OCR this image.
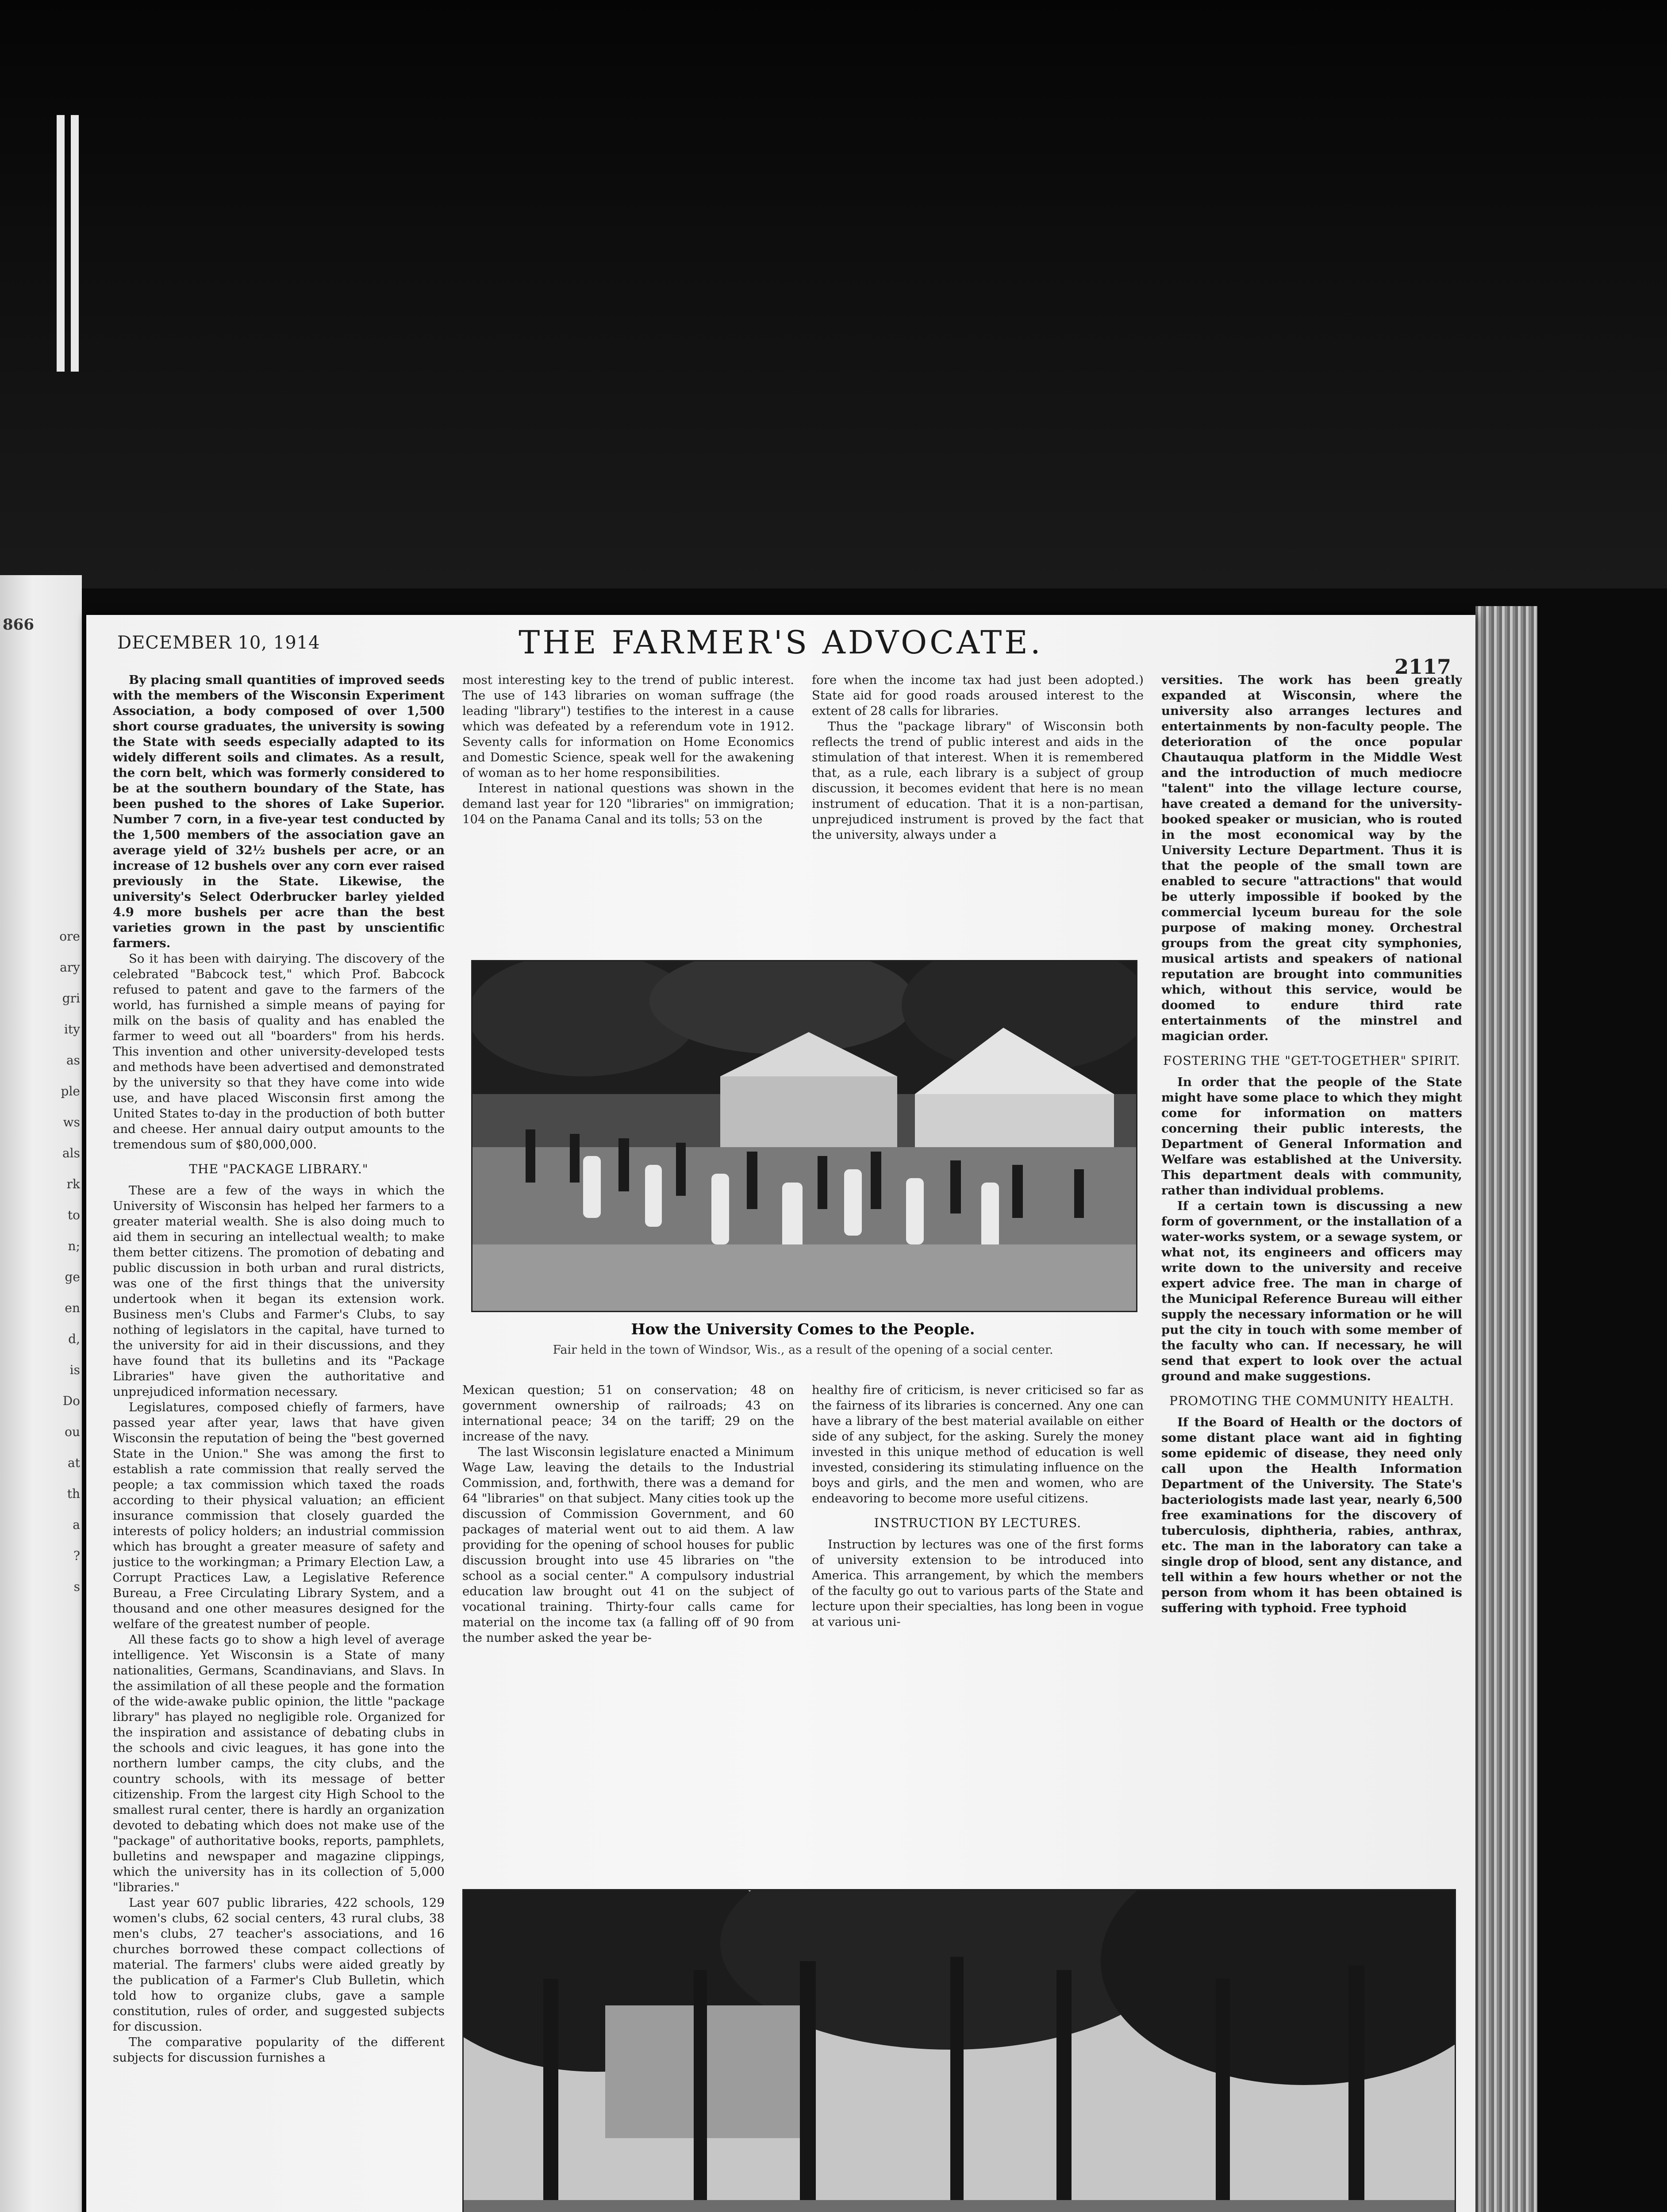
866
ore
ary
gri
ity
as
ple
ws
als
rk
to
n;
ge
en
d,
is
Do
ou
at
th
a
?
s
DECEMBER 10, 1914	THE FARMER'S ADVOCATE.
2117

By placing small quantities of improved seeds with the members of the Wisconsin Experiment Association, a body composed of over 1,500 short course graduates, the university is sowing the State with seeds especially adapted to its widely different soils and climates. As a result, the corn belt, which was formerly considered to be at the southern boundary of the State, has been pushed to the shores of Lake Superior. Number 7 corn, in a five-year test conducted by the 1,500 members of the association gave an average yield of 32½ bushels per acre, or an increase of 12 bushels over any corn ever raised previously in the State. Likewise, the university's Select Oderbrucker barley yielded 4.9 more bushels per acre than the best varieties grown in the past by unscientific farmers.

So it has been with dairying. The discovery of the celebrated "Babcock test," which Prof. Babcock refused to patent and gave to the farmers of the world, has furnished a simple means of paying for milk on the basis of quality and has enabled the farmer to weed out all "boarders" from his herds. This invention and other university-developed tests and methods have been advertised and demonstrated by the university so that they have come into wide use, and have placed Wisconsin first among the United States to-day in the production of both butter and cheese. Her annual dairy output amounts to the tremendous sum of $80,000,000.

THE "PACKAGE LIBRARY."

These are a few of the ways in which the University of Wisconsin has helped her farmers to a greater material wealth. She is also doing much to aid them in securing an intellectual wealth; to make them better citizens. The promotion of debating and public discussion in both urban and rural districts, was one of the first things that the university undertook when it began its extension work. Business men's Clubs and Farmer's Clubs, to say nothing of legislators in the capital, have turned to the university for aid in their discussions, and they have found that its bulletins and its "Package Libraries" have given the authoritative and unprejudiced information necessary.

Legislatures, composed chiefly of farmers, have passed year after year, laws that have given Wisconsin the reputation of being the "best governed State in the Union." She was among the first to establish a rate commission that really served the people; a tax commission which taxed the roads according to their physical valuation; an efficient insurance commission that closely guarded the interests of policy holders; an industrial commission which has brought a greater measure of safety and justice to the workingman; a Primary Election Law, a Corrupt Practices Law, a Legislative Reference Bureau, a Free Circulating Library System, and a thousand and one other measures designed for the welfare of the greatest number of people.

All these facts go to show a high level of average intelligence. Yet Wisconsin is a State of many nationalities, Germans, Scandinavians, and Slavs. In the assimilation of all these people and the formation of the wide-awake public opinion, the little "package library" has played no negligible role. Organized for the inspiration and assistance of debating clubs in the schools and civic leagues, it has gone into the northern lumber camps, the city clubs, and the country schools, with its message of better citizenship. From the largest city High School to the smallest rural center, there is hardly an organization devoted to debating which does not make use of the "package" of authoritative books, reports, pamphlets, bulletins and newspaper and magazine clippings, which the university has in its collection of 5,000 "libraries."

Last year 607 public libraries, 422 schools, 129 women's clubs, 62 social centers, 43 rural clubs, 38 men's clubs, 27 teacher's associations, and 16 churches borrowed these compact collections of material. The farmers' clubs were aided greatly by the publication of a Farmer's Club Bulletin, which told how to organize clubs, gave a sample constitution, rules of order, and suggested subjects for discussion.

The comparative popularity of the different subjects for discussion furnishes a

most interesting key to the trend of public interest. The use of 143 libraries on woman suffrage (the leading "library") testifies to the interest in a cause which was defeated by a referendum vote in 1912. Seventy calls for information on Home Economics and Domestic Science, speak well for the awakening of woman as to her home responsibilities.

Interest in national questions was shown in the demand last year for 120 "libraries" on immigration; 104 on the Panama Canal and its tolls; 53 on the

fore when the income tax had just been adopted.) State aid for good roads aroused interest to the extent of 28 calls for libraries.

Thus the "package library" of Wisconsin both reflects the trend of public interest and aids in the stimulation of that interest. When it is remembered that, as a rule, each library is a subject of group discussion, it becomes evident that here is no mean instrument of education. That it is a non-partisan, unprejudiced instrument is proved by the fact that the university, always under a

How the University Comes to the People.
Fair held in the town of Windsor, Wis., as a result of the opening of a social center.

Mexican question; 51 on conservation; 48 on government ownership of railroads; 43 on international peace; 34 on the tariff; 29 on the increase of the navy.

The last Wisconsin legislature enacted a Minimum Wage Law, leaving the details to the Industrial Commission, and, forthwith, there was a demand for 64 "libraries" on that subject. Many cities took up the discussion of Commission Government, and 60 packages of material went out to aid them. A law providing for the opening of school houses for public discussion brought into use 45 libraries on "the school as a social center." A compulsory industrial education law brought out 41 on the subject of vocational training. Thirty-four calls came for material on the income tax (a falling off of 90 from the number asked the year be-

healthy fire of criticism, is never criticised so far as the fairness of its libraries is concerned. Any one can have a library of the best material available on either side of any subject, for the asking. Surely the money invested in this unique method of education is well invested, considering its stimulating influence on the boys and girls, and the men and women, who are endeavoring to become more useful citizens.

INSTRUCTION BY LECTURES.

Instruction by lectures was one of the first forms of university extension to be introduced into America. This arrangement, by which the members of the faculty go out to various parts of the State and lecture upon their specialties, has long been in vogue at various uni-

versities. The work has been greatly expanded at Wisconsin, where the university also arranges lectures and entertainments by non-faculty people. The deterioration of the once popular Chautauqua platform in the Middle West and the introduction of much mediocre "talent" into the village lecture course, have created a demand for the university-booked speaker or musician, who is routed in the most economical way by the University Lecture Department. Thus it is that the people of the small town are enabled to secure "attractions" that would be utterly impossible if booked by the commercial lyceum bureau for the sole purpose of making money. Orchestral groups from the great city symphonies, musical artists and speakers of national reputation are brought into communities which, without this service, would be doomed to endure third rate entertainments of the minstrel and magician order.

FOSTERING THE "GET-TOGETHER" SPIRIT.

In order that the people of the State might have some place to which they might come for information on matters concerning their public interests, the Department of General Information and Welfare was established at the University. This department deals with community, rather than individual problems.

If a certain town is discussing a new form of government, or the installation of a water-works system, or a sewage system, or what not, its engineers and officers may write down to the university and receive expert advice free. The man in charge of the Municipal Reference Bureau will either supply the necessary information or he will put the city in touch with some member of the faculty who can. If necessary, he will send that expert to look over the actual ground and make suggestions.

PROMOTING THE COMMUNITY HEALTH.

If the Board of Health or the doctors of some distant place want aid in fighting some epidemic of disease, they need only call upon the Health Information Department of the University. The State's bacteriologists made last year, nearly 6,500 free examinations for the discovery of tuberculosis, diphtheria, rabies, anthrax, etc. The man in the laboratory can take a single drop of blood, sent any distance, and tell within a few hours whether or not the person from whom it has been obtained is suffering with typhoid. Free typhoid
